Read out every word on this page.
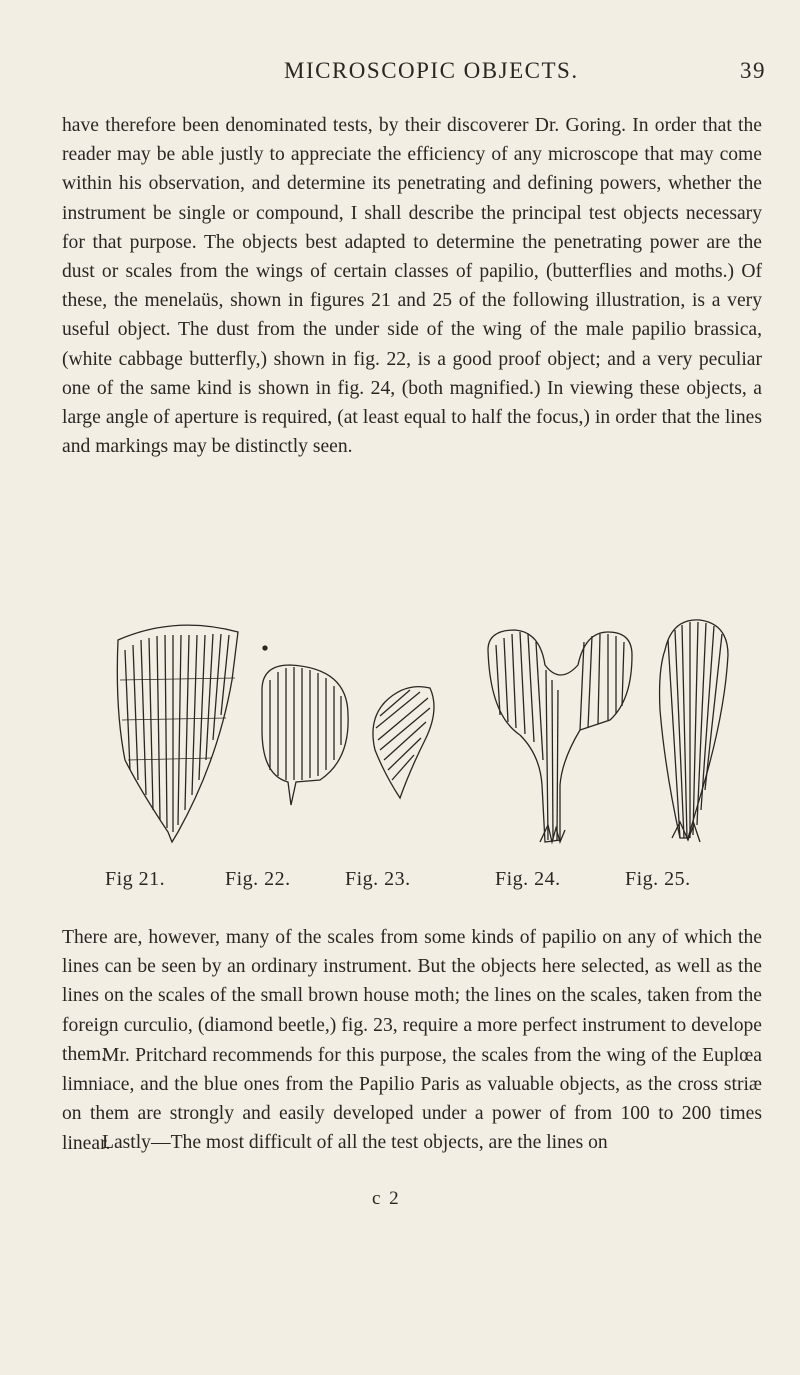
MICROSCOPIC OBJECTS.	39

have therefore been denominated tests, by their discoverer Dr. Goring. In order that the reader may be able justly to appreciate the efficiency of any microscope that may come within his observation, and determine its penetrating and defining powers, whether the instrument be single or compound, I shall describe the principal test objects necessary for that purpose. The objects best adapted to determine the penetrating power are the dust or scales from the wings of certain classes of papilio, (butterflies and moths.) Of these, the menelaüs, shown in figures 21 and 25 of the following illustration, is a very useful object. The dust from the under side of the wing of the male papilio brassica, (white cabbage butterfly,) shown in fig. 22, is a good proof object; and a very peculiar one of the same kind is shown in fig. 24, (both magnified.) In viewing these objects, a large angle of aperture is required, (at least equal to half the focus,) in order that the lines and markings may be distinctly seen.

Fig 21.	Fig. 22.	Fig. 23.	Fig. 24.	Fig. 25.

There are, however, many of the scales from some kinds of papilio on any of which the lines can be seen by an ordinary instrument. But the objects here selected, as well as the lines on the scales of the small brown house moth; the lines on the scales, taken from the foreign curculio, (diamond beetle,) fig. 23, require a more perfect instrument to develope them.

Mr. Pritchard recommends for this purpose, the scales from the wing of the Euplœa limniace, and the blue ones from the Papilio Paris as valuable objects, as the cross striæ on them are strongly and easily developed under a power of from 100 to 200 times linear.

Lastly—The most difficult of all the test objects, are the lines on

c 2
